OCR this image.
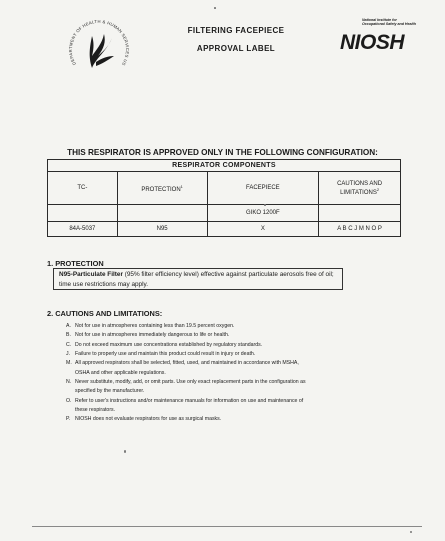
DEPARTMENT OF HEALTH & HUMAN SERVICES US
FILTERING FACEPIECE
APPROVAL LABEL
National Institute for
Occupational Safety and Health
NIOSH
THIS RESPIRATOR IS APPROVED ONLY IN THE FOLLOWING CONFIGURATION:
RESPIRATOR COMPONENTS			
TC-	PROTECTION$^1$	FACEPIECE	CAUTIONS AND LIMITATIONS$^2$
		GIKO 1200F	
84A-5037	N95	X	A B C J M N O P
1. PROTECTION
N95-Particulate Filter (95% filter efficiency level) effective against particulate aerosols free of oil; time use restrictions may apply.
2. CAUTIONS AND LIMITATIONS:
A. Not for use in atmospheres containing less than 19.5 percent oxygen.
B. Not for use in atmospheres immediately dangerous to life or health.
C. Do not exceed maximum use concentrations established by regulatory standards.
J. Failure to properly use and maintain this product could result in injury or death.
M. All approved respirators shall be selected, fitted, used, and maintained in accordance with MSHA,
OSHA and other applicable regulations.
N. Never substitute, modify, add, or omit parts. Use only exact replacement parts in the configuration as
specified by the manufacturer.
O. Refer to user's instructions and/or maintenance manuals for information on use and maintenance of
these respirators.
P. NIOSH does not evaluate respirators for use as surgical masks.
